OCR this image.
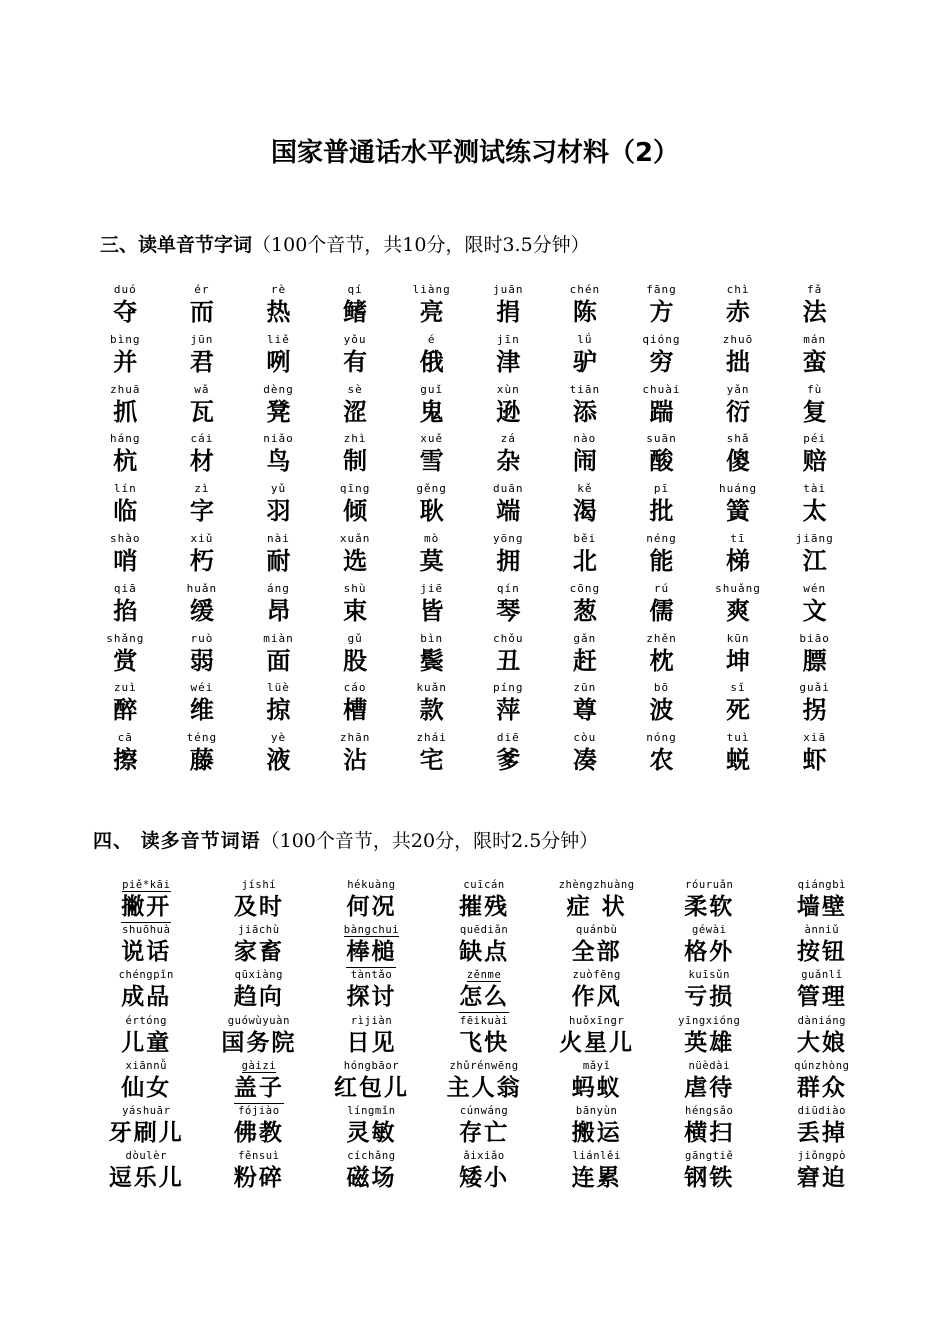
国家普通话水平测试练习材料（2）
三、读单音节字词（100个音节，共10分，限时3.5分钟）
duó
夺
ér
而
rè
热
qí
鳍
liàng
亮
juān
捐
chén
陈
fāng
方
chì
赤
fǎ
法
bìng
并
jūn
君
liě
咧
yǒu
有
é
俄
jīn
津
lǘ
驴
qióng
穷
zhuō
拙
mán
蛮
zhuā
抓
wǎ
瓦
dèng
凳
sè
涩
guǐ
鬼
xùn
逊
tiān
添
chuài
踹
yǎn
衍
fù
复
háng
杭
cái
材
niǎo
鸟
zhì
制
xuě
雪
zá
杂
nào
闹
suān
酸
shǎ
傻
péi
赔
lín
临
zì
字
yǔ
羽
qīng
倾
gěng
耿
duān
端
kě
渴
pī
批
huáng
簧
tài
太
shào
哨
xiǔ
朽
nài
耐
xuǎn
选
mò
莫
yōng
拥
běi
北
néng
能
tī
梯
jiāng
江
qiā
掐
huǎn
缓
áng
昂
shù
束
jiē
皆
qín
琴
cōng
葱
rú
儒
shuǎng
爽
wén
文
shǎng
赏
ruò
弱
miàn
面
gǔ
股
bìn
鬓
chǒu
丑
gǎn
赶
zhěn
枕
kūn
坤
biāo
膘
zuì
醉
wéi
维
lüè
掠
cáo
槽
kuǎn
款
píng
萍
zūn
尊
bō
波
sǐ
死
guǎi
拐
cā
擦
téng
藤
yè
液
zhān
沾
zhái
宅
diē
爹
còu
凑
nóng
农
tuì
蜕
xiā
虾
四、 读多音节词语（100个音节，共20分，限时2.5分钟）
piě*kāi
撇开
jíshí
及时
hékuàng
何况
cuīcán
摧残
zhèngzhuàng
症 状
róuruǎn
柔软
qiángbì
墙壁
shuōhuà
说话
jiāchù
家畜
bàngchui
棒槌
quēdiǎn
缺点
quánbù
全部
géwài
格外
ànniǔ
按钮
chéngpǐn
成品
qūxiàng
趋向
tàntǎo
探讨
zěnme
怎么
zuòfēng
作风
kuīsǔn
亏损
guǎnlǐ
管理
értóng
儿童
guówùyuàn
国务院
rìjiàn
日见
fēikuài
飞快
huǒxīngr
火星儿
yīngxióng
英雄
dàniáng
大娘
xiānnǚ
仙女
gàizi
盖子
hóngbāor
红包儿
zhǔrénwēng
主人翁
mǎyǐ
蚂蚁
nüèdài
虐待
qúnzhòng
群众
yáshuār
牙刷儿
fójiào
佛教
língmǐn
灵敏
cúnwáng
存亡
bānyùn
搬运
héngsǎo
横扫
diūdiào
丢掉
dòulèr
逗乐儿
fěnsuì
粉碎
cíchǎng
磁场
ǎixiǎo
矮小
liánlěi
连累
gāngtiě
钢铁
jiǒngpò
窘迫
